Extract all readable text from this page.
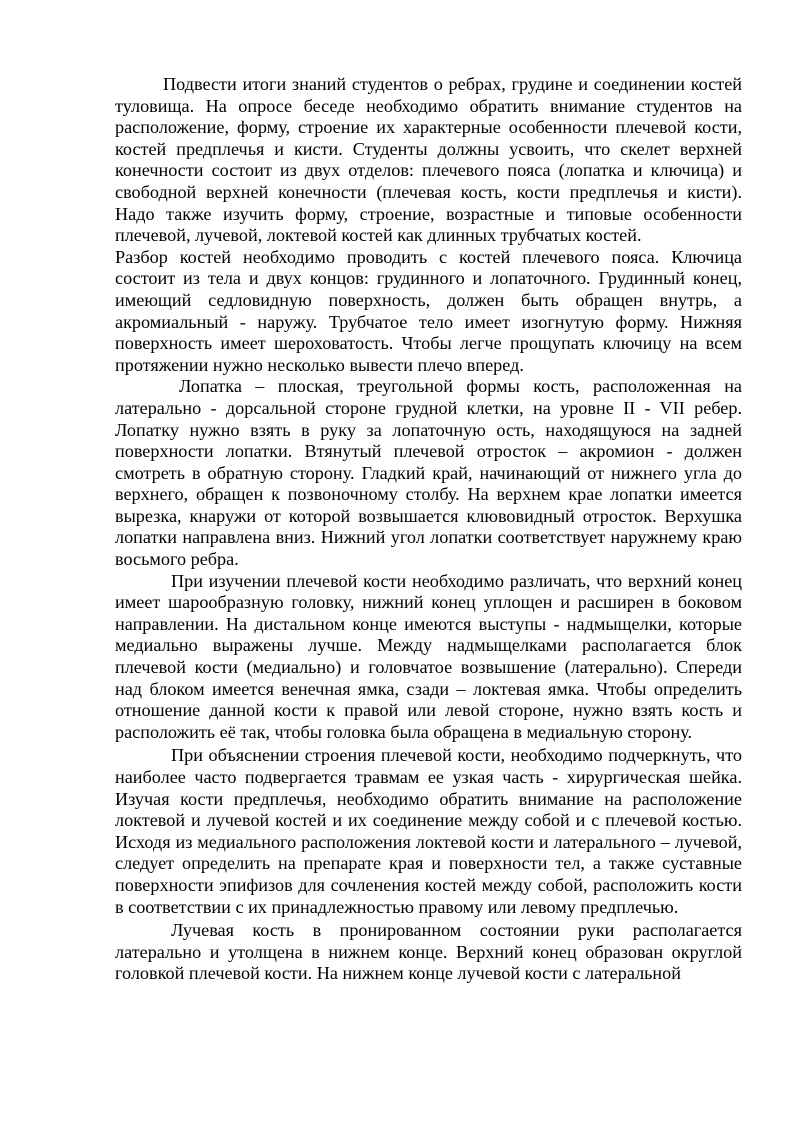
Подвести итоги знаний студентов о ребрах, грудине и соединении костей туловища. На опросе беседе необходимо обратить внимание студентов на расположение, форму, строение их характерные особенности плечевой кости, костей предплечья и кисти. Студенты должны усвоить, что скелет верхней конечности состоит из двух отделов: плечевого пояса (лопатка и ключица) и свободной верхней конечности (плечевая кость, кости предплечья и кисти). Надо также изучить форму, строение, возрастные и типовые особенности плечевой, лучевой, локтевой костей как длинных трубчатых костей.

Разбор костей необходимо проводить с костей плечевого пояса. Ключица состоит из тела и двух концов: грудинного и лопаточного. Грудинный конец, имеющий седловидную поверхность, должен быть обращен внутрь, а акромиальный - наружу. Трубчатое тело имеет изогнутую форму. Нижняя поверхность имеет шероховатость. Чтобы легче прощупать ключицу на всем протяжении нужно несколько вывести плечо вперед.

Лопатка – плоская, треугольной формы кость, расположенная на латерально - дорсальной стороне грудной клетки, на уровне II - VII ребер. Лопатку нужно взять в руку за лопаточную ость, находящуюся на задней поверхности лопатки. Втянутый плечевой отросток – акромион - должен смотреть в обратную сторону. Гладкий край, начинающий от нижнего угла до верхнего, обращен к позвоночному столбу. На верхнем крае лопатки имеется вырезка, кнаружи от которой возвышается клювовидный отросток. Верхушка лопатки направлена вниз. Нижний угол лопатки соответствует наружнему краю восьмого ребра.

При изучении плечевой кости необходимо различать, что верхний конец имеет шарообразную головку, нижний конец уплощен и расширен в боковом направлении. На дистальном конце имеются выступы - надмыщелки, которые медиально выражены лучше. Между надмыщелками располагается блок плечевой кости (медиально) и головчатое возвышение (латерально). Спереди над блоком имеется венечная ямка, сзади – локтевая ямка. Чтобы определить отношение данной кости к правой или левой стороне, нужно взять кость и расположить её так, чтобы головка была обращена в медиальную сторону.

При объяснении строения плечевой кости, необходимо подчеркнуть, что наиболее часто подвергается травмам ее узкая часть - хирургическая шейка. Изучая кости предплечья, необходимо обратить внимание на расположение локтевой и лучевой костей и их соединение между собой и с плечевой костью. Исходя из медиального расположения локтевой кости и латерального – лучевой, следует определить на препарате края и поверхности тел, а также суставные поверхности эпифизов для сочленения костей между собой, расположить кости в соответствии с их принадлежностью правому или левому предплечью.

Лучевая кость в пронированном состоянии руки располагается латерально и утолщена в нижнем конце. Верхний конец образован округлой головкой плечевой кости. На нижнем конце лучевой кости с латеральной
